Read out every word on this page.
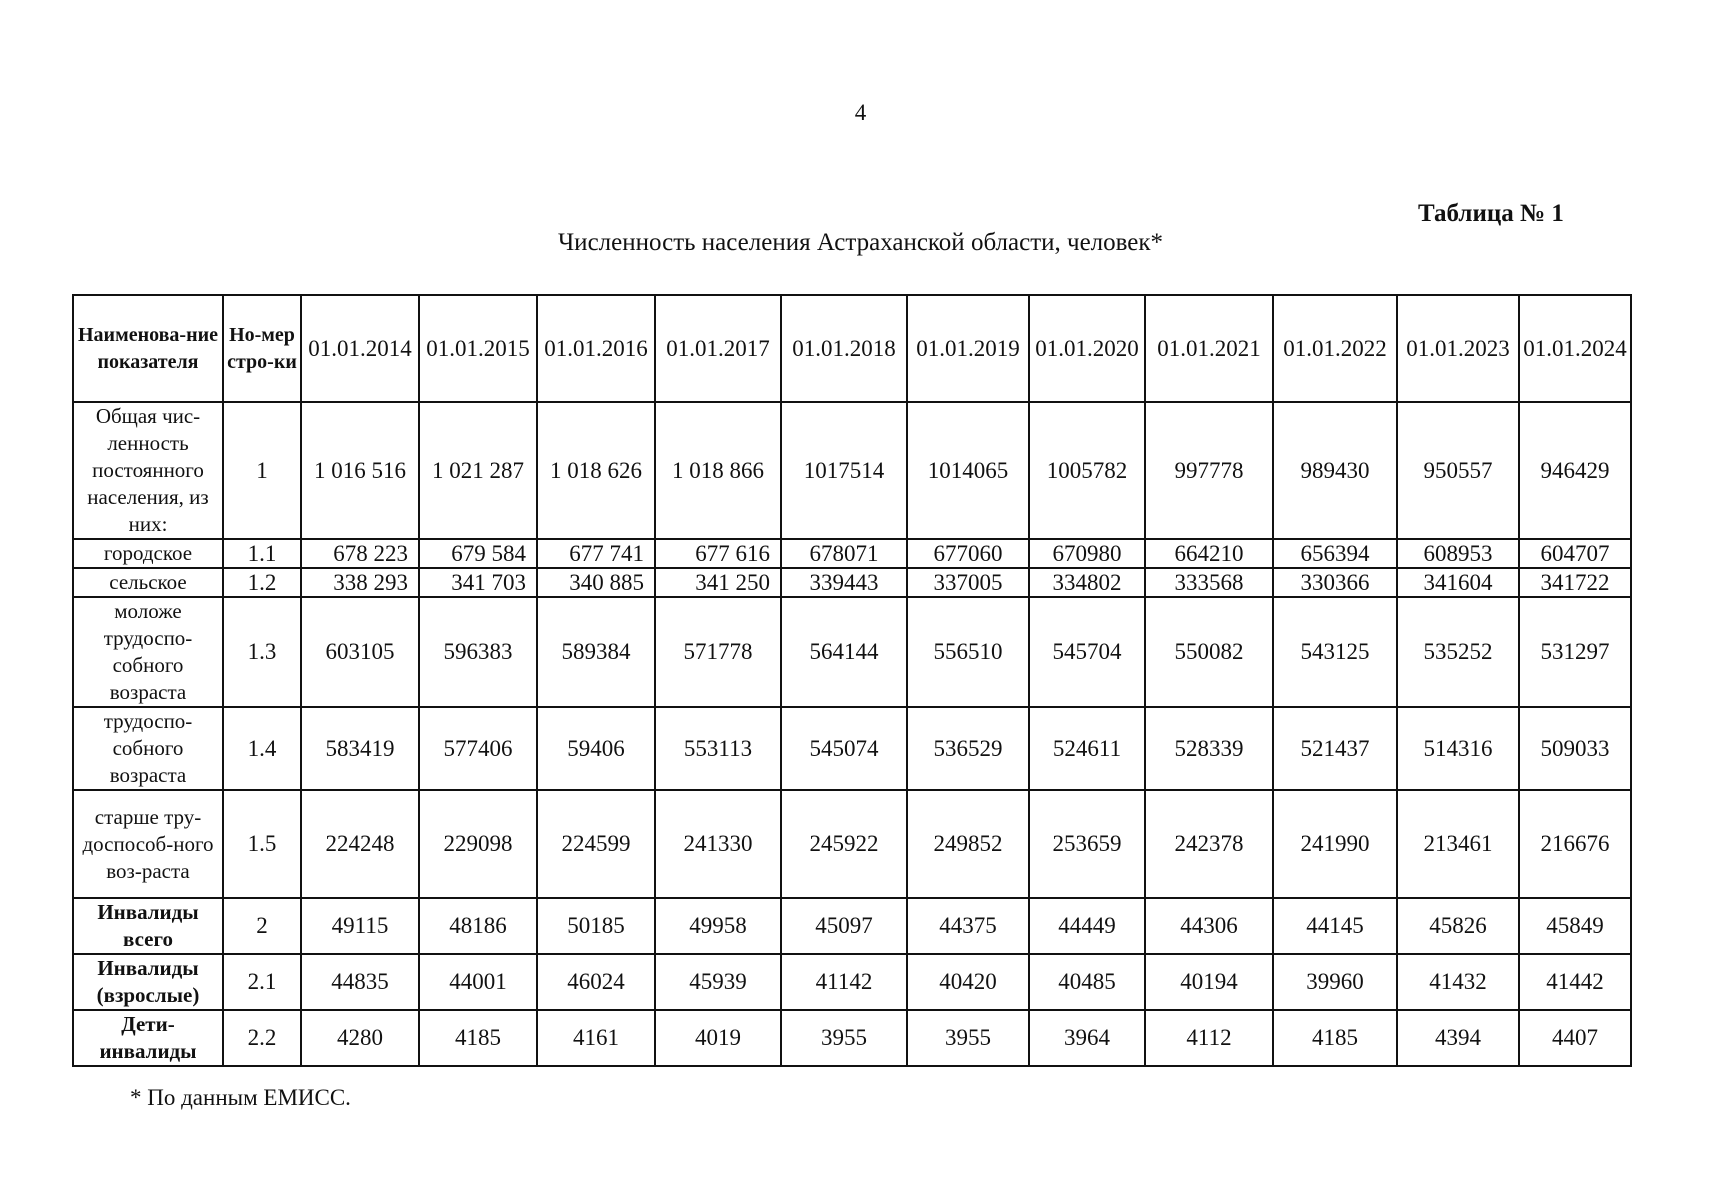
4
Таблица № 1
Численность населения Астраханской области, человек*
Наименова-ние показателя	Но-мер стро-ки	01.01.2014	01.01.2015	01.01.2016	01.01.2017	01.01.2018	01.01.2019	01.01.2020	01.01.2021	01.01.2022	01.01.2023	01.01.2024
Общая чис-ленность постоянного населения, из них:	1	1 016 516	1 021 287	1 018 626	1 018 866	1017514	1014065	1005782	997778	989430	950557	946429
городское	1.1	678 223	679 584	677 741	677 616	678071	677060	670980	664210	656394	608953	604707
сельское	1.2	338 293	341 703	340 885	341 250	339443	337005	334802	333568	330366	341604	341722
моложе трудоспо-собного возраста	1.3	603105	596383	589384	571778	564144	556510	545704	550082	543125	535252	531297
трудоспо-собного возраста	1.4	583419	577406	59406	553113	545074	536529	524611	528339	521437	514316	509033
старше тру-доспособ-ного воз-раста	1.5	224248	229098	224599	241330	245922	249852	253659	242378	241990	213461	216676
Инвалиды всего	2	49115	48186	50185	49958	45097	44375	44449	44306	44145	45826	45849
Инвалиды (взрослые)	2.1	44835	44001	46024	45939	41142	40420	40485	40194	39960	41432	41442
Дети-инвалиды	2.2	4280	4185	4161	4019	3955	3955	3964	4112	4185	4394	4407
* По данным ЕМИСС.
